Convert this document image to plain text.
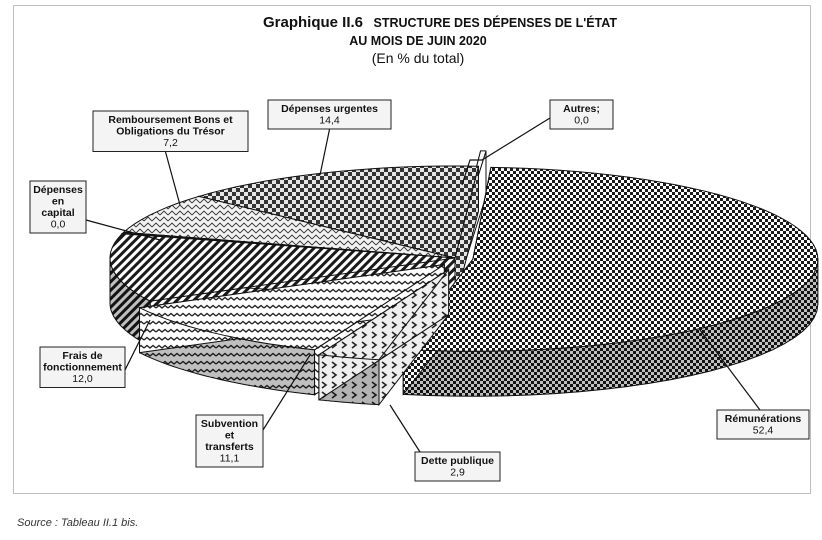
Graphique II.6 STRUCTURE DES DÉPENSES DE L'ÉTAT
AU MOIS DE JUIN 2020
(En % du total)
Rémunérations
52,4
Dette publique
2,9
Subvention
et
transferts
11,1
Frais de
fonctionnement
12,0
Dépenses
en
capital
0,0
Remboursement Bons et
Obligations du Trésor
7,2
Dépenses urgentes
14,4
Autres;
0,0
Source : Tableau II.1 bis.
